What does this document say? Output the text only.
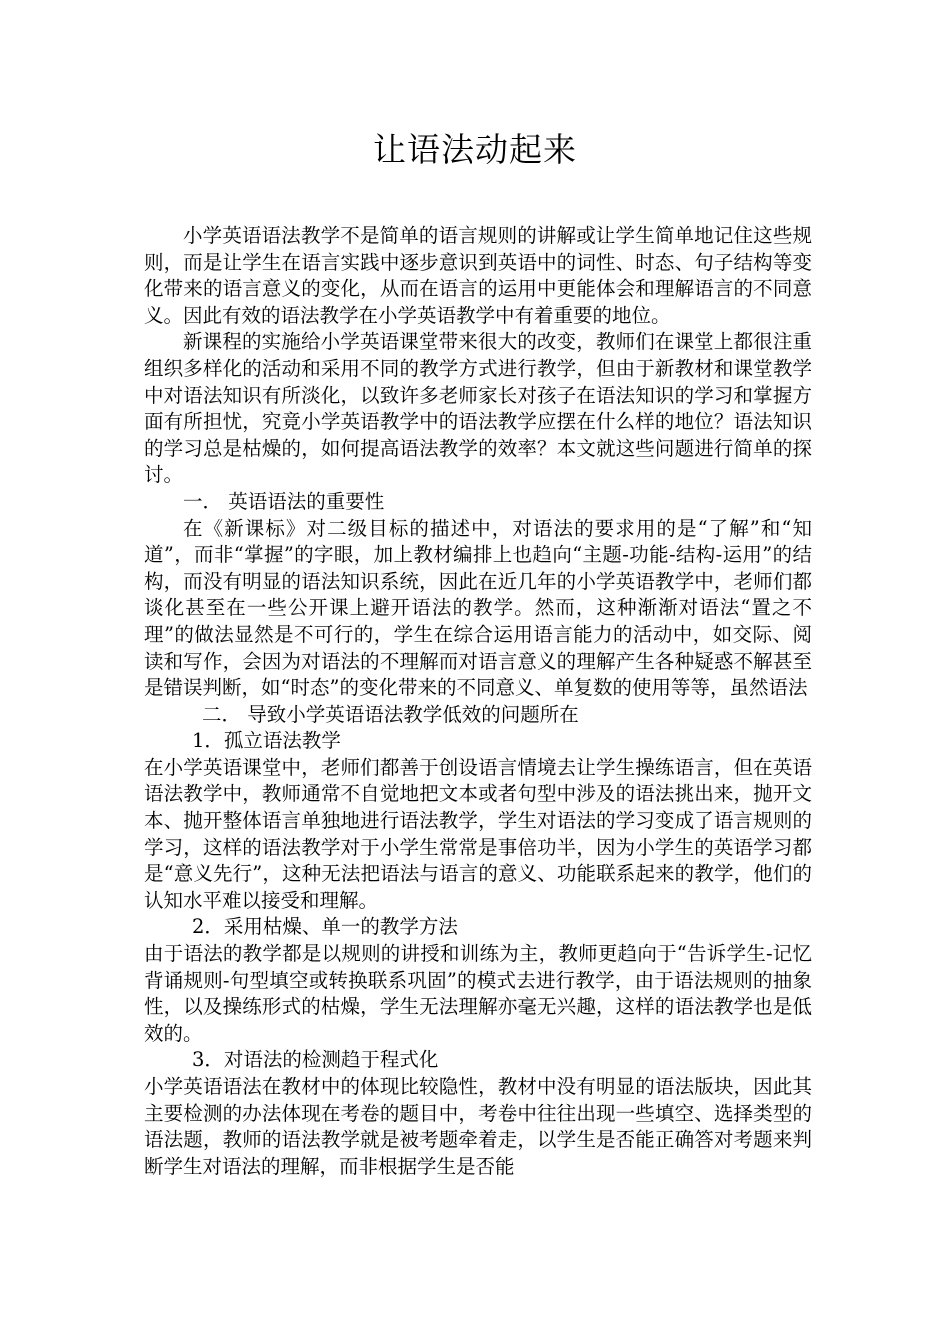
让语法动起来

小学英语语法教学不是简单的语言规则的讲解或让学生简单地记住这些规则，而是让学生在语言实践中逐步意识到英语中的词性、时态、句子结构等变化带来的语言意义的变化，从而在语言的运用中更能体会和理解语言的不同意义。因此有效的语法教学在小学英语教学中有着重要的地位。

新课程的实施给小学英语课堂带来很大的改变，教师们在课堂上都很注重组织多样化的活动和采用不同的教学方式进行教学，但由于新教材和课堂教学中对语法知识有所淡化，以致许多老师家长对孩子在语法知识的学习和掌握方面有所担忧，究竟小学英语教学中的语法教学应摆在什么样的地位？语法知识的学习总是枯燥的，如何提高语法教学的效率？本文就这些问题进行简单的探讨。

一． 英语语法的重要性

在《新课标》对二级目标的描述中，对语法的要求用的是“了解”和“知道”，而非“掌握”的字眼，加上教材编排上也趋向“主题-功能-结构-运用”的结构，而没有明显的语法知识系统，因此在近几年的小学英语教学中，老师们都谈化甚至在一些公开课上避开语法的教学。然而，这种渐渐对语法“置之不理”的做法显然是不可行的，学生在综合运用语言能力的活动中，如交际、阅读和写作，会因为对语法的不理解而对语言意义的理解产生各种疑惑不解甚至是错误判断，如“时态”的变化带来的不同意义、单复数的使用等等，虽然语法

二． 导致小学英语语法教学低效的问题所在

1．孤立语法教学

在小学英语课堂中，老师们都善于创设语言情境去让学生操练语言，但在英语语法教学中，教师通常不自觉地把文本或者句型中涉及的语法挑出来，抛开文本、抛开整体语言单独地进行语法教学，学生对语法的学习变成了语言规则的学习，这样的语法教学对于小学生常常是事倍功半，因为小学生的英语学习都是“意义先行”，这种无法把语法与语言的意义、功能联系起来的教学，他们的认知水平难以接受和理解。

2．采用枯燥、单一的教学方法

由于语法的教学都是以规则的讲授和训练为主，教师更趋向于“告诉学生-记忆背诵规则-句型填空或转换联系巩固”的模式去进行教学，由于语法规则的抽象性，以及操练形式的枯燥，学生无法理解亦毫无兴趣，这样的语法教学也是低效的。

3．对语法的检测趋于程式化

小学英语语法在教材中的体现比较隐性，教材中没有明显的语法版块，因此其主要检测的办法体现在考卷的题目中，考卷中往往出现一些填空、选择类型的语法题，教师的语法教学就是被考题牵着走，以学生是否能正确答对考题来判断学生对语法的理解，而非根据学生是否能
